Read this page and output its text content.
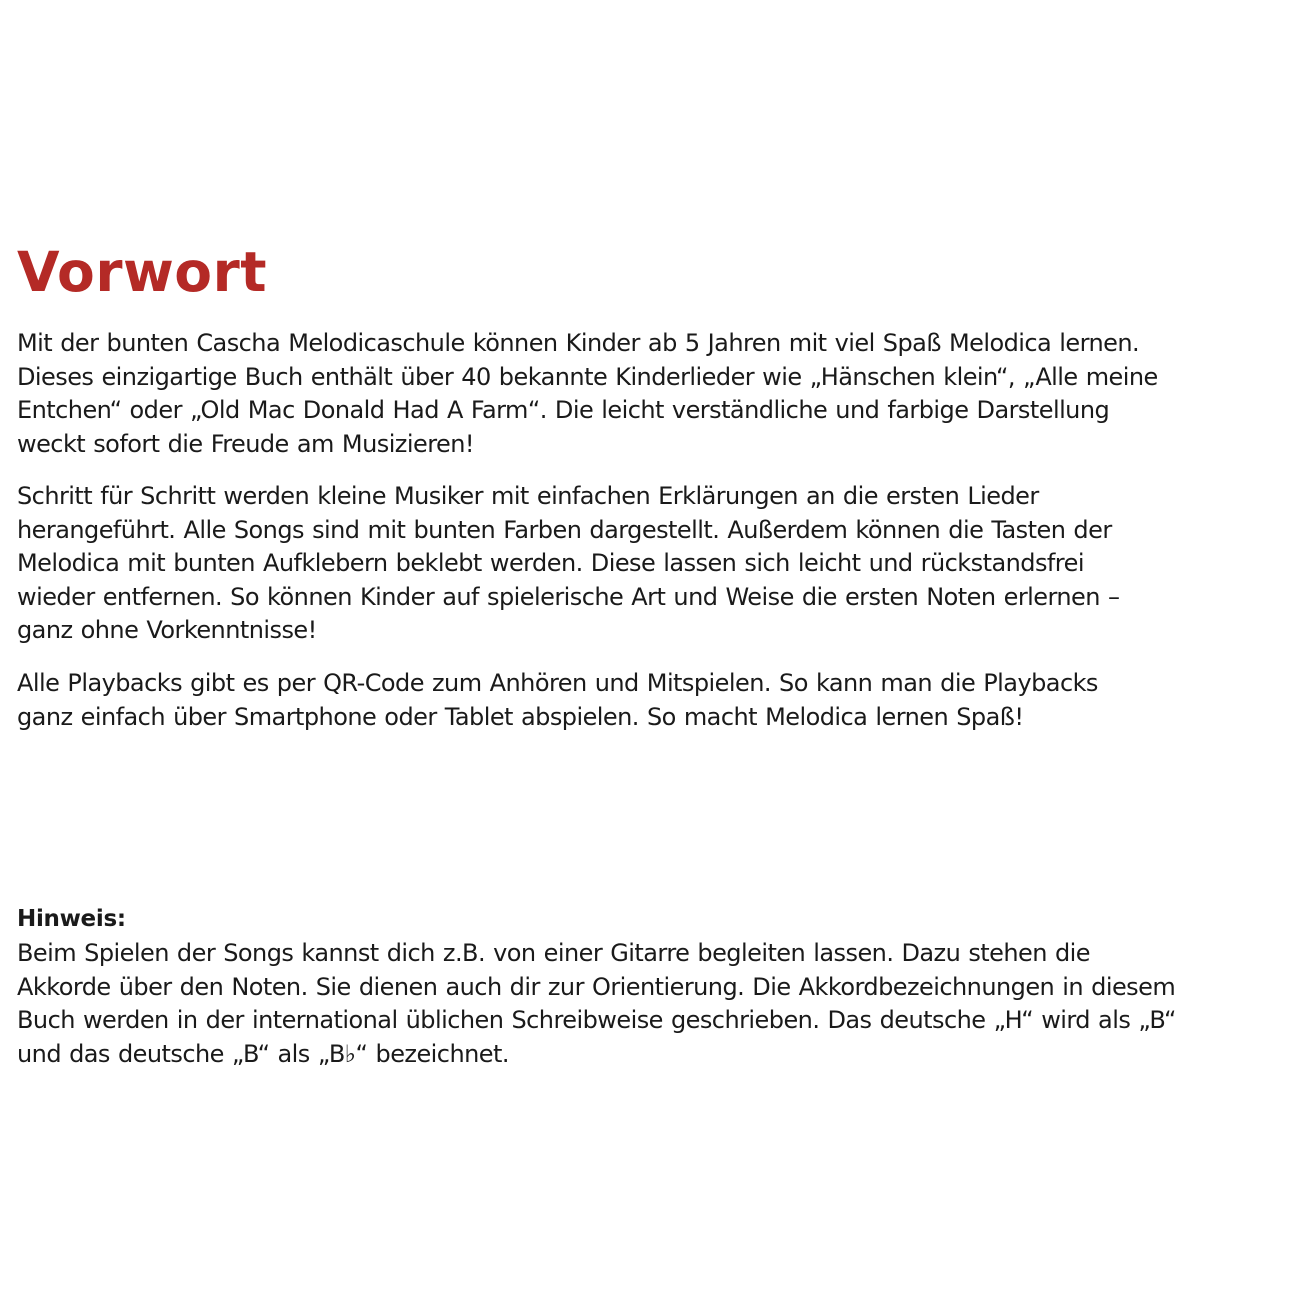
Vorwort

Mit der bunten Cascha Melodicaschule können Kinder ab 5 Jahren mit viel Spaß Melodica lernen.
Dieses einzigartige Buch enthält über 40 bekannte Kinderlieder wie „Hänschen klein“, „Alle meine
Entchen“ oder „Old Mac Donald Had A Farm“. Die leicht verständliche und farbige Darstellung
weckt sofort die Freude am Musizieren!

Schritt für Schritt werden kleine Musiker mit einfachen Erklärungen an die ersten Lieder
herangeführt. Alle Songs sind mit bunten Farben dargestellt. Außerdem können die Tasten der
Melodica mit bunten Aufklebern beklebt werden. Diese lassen sich leicht und rückstandsfrei
wieder entfernen. So können Kinder auf spielerische Art und Weise die ersten Noten erlernen –
ganz ohne Vorkenntnisse!

Alle Playbacks gibt es per QR-Code zum Anhören und Mitspielen. So kann man die Playbacks
ganz einfach über Smartphone oder Tablet abspielen. So macht Melodica lernen Spaß!

Hinweis:

Beim Spielen der Songs kannst dich z.B. von einer Gitarre begleiten lassen. Dazu stehen die
Akkorde über den Noten. Sie dienen auch dir zur Orientierung. Die Akkordbezeichnungen in diesem
Buch werden in der international üblichen Schreibweise geschrieben. Das deutsche „H“ wird als „B“
und das deutsche „B“ als „B♭“ bezeichnet.
